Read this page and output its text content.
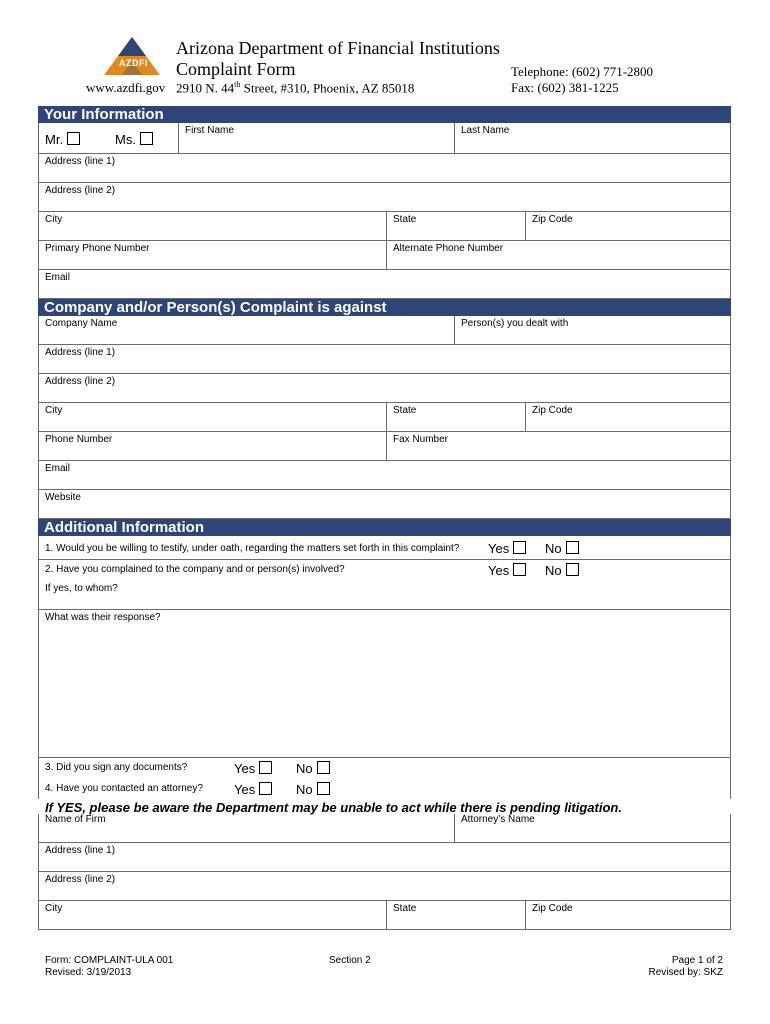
AZDFI
Arizona Department of Financial Institutions
Complaint Form
www.azdfi.gov 2910 N. 44th Street, #310, Phoenix, AZ 85018
Telephone: (602) 771-2800
Fax: (602) 381-1225
Your Information
Mr.	Ms.
First Name	Last Name
Address (line 1)
Address (line 2)
City	State	Zip Code
Primary Phone Number	Alternate Phone Number
Email
Company and/or Person(s) Complaint is against
Company Name	Person(s) you dealt with
Address (line 1)
Address (line 2)
City	State	Zip Code
Phone Number	Fax Number
Email
Website
Additional Information
1. Would you be willing to testify, under oath, regarding the matters set forth in this complaint? Yes	No
2. Have you complained to the company and or person(s) involved?	Yes	No
If yes, to whom?
What was their response?
3. Did you sign any documents?	Yes	No
4. Have you contacted an attorney? Yes	No
If YES, please be aware the Department may be unable to act while there is pending litigation.
Name of Firm	Attorney’s Name
Address (line 1)
Address (line 2)
City	State	Zip Code
Form: COMPLAINT-ULA 001
Revised: 3/19/2013
Section 2	Page 1 of 2
Revised by: SKZ
